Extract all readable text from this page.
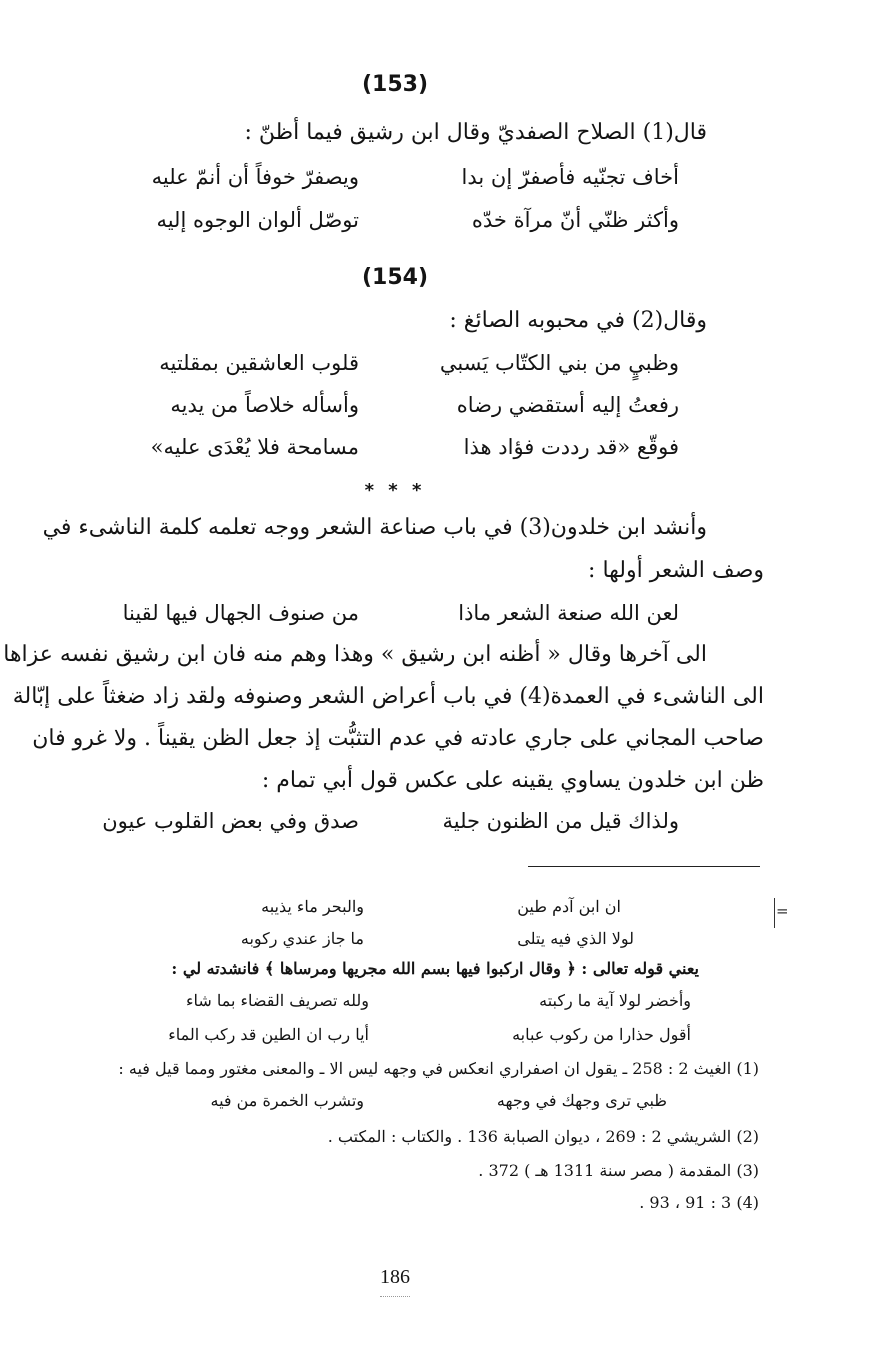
(153)
قال(1) الصلاح الصفديّ وقال ابن رشيق فيما أظنّ :
أخاف تجنّيه فأصفرّ إن بدا
ويصفرّ خوفاً أن أنمّ عليه
وأكثر ظنّي أنّ مرآة خدّه
توصّل ألوان الوجوه إليه
(154)
وقال(2) في محبوبه الصائغ :
وظبيٍ من بني الكتّاب يَسبي
قلوب العاشقين بمقلتيه
رفعتُ إليه أستقضي رضاه
وأسأله خلاصاً من يديه
فوقّع «قد رددت فؤاد هذا
مسامحة فلا يُعْدَى عليه»
* * *
وأنشد ابن خلدون(3) في باب صناعة الشعر ووجه تعلمه كلمة الناشىء في
وصف الشعر أولها :
لعن الله صنعة الشعر ماذا
من صنوف الجهال فيها لقينا
الى آخرها وقال « أظنه ابن رشيق » وهذا وهم منه فان ابن رشيق نفسه عزاها
الى الناشىء في العمدة(4) في باب أعراض الشعر وصنوفه ولقد زاد ضغثاً على إبّالة
صاحب المجاني على جاري عادته في عدم التثبُّت إذ جعل الظن يقيناً . ولا غرو فان
ظن ابن خلدون يساوي يقينه على عكس قول أبي تمام :
ولذاك قيل من الظنون جلية
صدق وفي بعض القلوب عيون
=
ان ابن آدم طين
والبحر ماء يذيبه
لولا الذي فيه يتلى
ما جاز عندي ركوبه
يعني قوله تعالى : ﴿ وقال اركبوا فيها بسم الله مجريها ومرساها ﴾ فانشدته لي :
وأخضر لولا آية ما ركبته
ولله تصريف القضاء بما شاء
أقول حذارا من ركوب عبابه
أيا رب ان الطين قد ركب الماء
(1) الغيث 2 : 258 ـ يقول ان اصفراري انعكس في وجهه ليس الا ـ والمعنى مغتور ومما قيل فيه :
ظبي ترى وجهك في وجهه
وتشرب الخمرة من فيه
(2) الشريشي 2 : 269 ، ديوان الصبابة 136 . والكتاب : المكتب .
(3) المقدمة ( مصر سنة 1311 هـ ) 372 .
(4) 3 : 91 ، 93 .
186
